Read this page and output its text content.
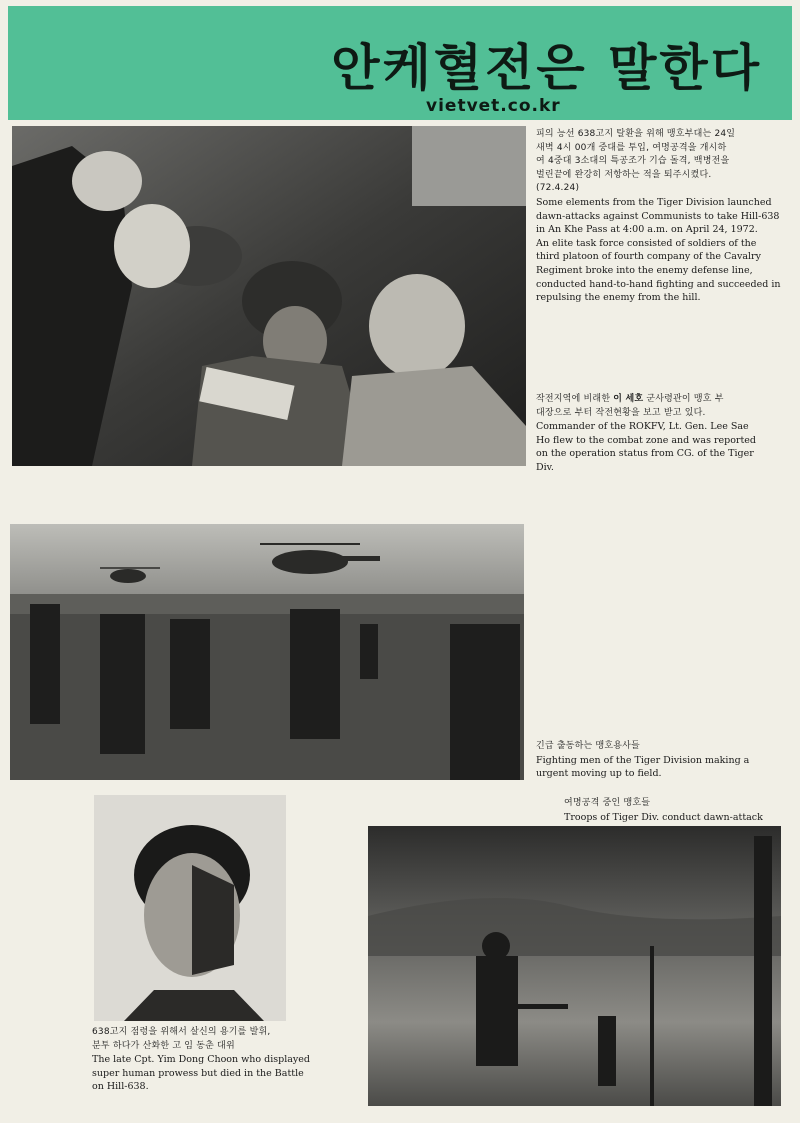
안케혈전은 말한다
vietvet.co.kr

피의 능선 638고지 탈환을 위해 맹호부대는 24일

새벽 4시 00개 중대를 투입, 여명공격을 개시하

여 4중대 3소대의 특공조가 기습 돌격, 백병전을

벌린끝에 완강히 저항하는 적을 퇴주시켰다.

(72.4.24)

Some elements from the Tiger Division launched

dawn-attacks against Communists to take Hill-638

in An Khe Pass at 4:00 a.m. on April 24, 1972.

An elite task force consisted of soldiers of the

third platoon of fourth company of the Cavalry

Regiment broke into the enemy defense line,

conducted hand-to-hand fighting and succeeded in

repulsing the enemy from the hill.

작전지역에 비래한 이 세호 군사령관이 맹호 부

대장으로 부터 작전현황을 보고 받고 있다.

Commander of the ROKFV, Lt. Gen. Lee Sae

Ho flew to the combat zone and was reported

on the operation status from CG. of the Tiger

Div.

긴급 출동하는 맹호용사들

Fighting men of the Tiger Division making a

urgent moving up to field.

638고지 점령을 위해서 살신의 용기를 발휘,

분투 하다가 산화한 고 임 동춘 대위

The late Cpt. Yim Dong Choon who displayed

super human prowess but died in the Battle

on Hill-638.

여명공격 중인 맹호들

Troops of Tiger Div. conduct dawn-attack
